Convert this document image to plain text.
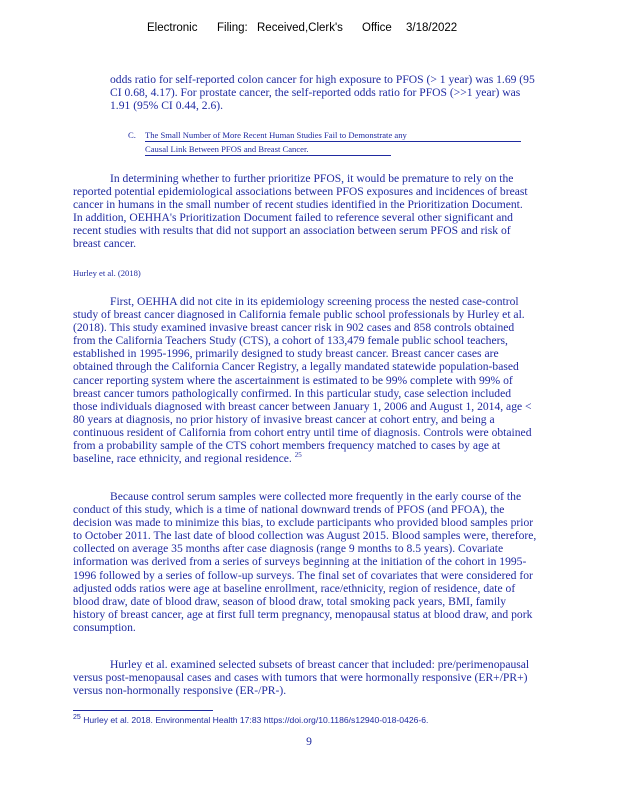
Electronic Filing: Received,Clerk's Office 3/18/2022

odds ratio for self-reported colon cancer for high exposure to PFOS (> 1 year) was 1.69 (95 CI 0.68, 4.17). For prostate cancer, the self-reported odds ratio for PFOS (>>1 year) was 1.91 (95% CI 0.44, 2.6).

C. The Small Number of More Recent Human Studies Fail to Demonstrate any
Causal Link Between PFOS and Breast Cancer.

In determining whether to further prioritize PFOS, it would be premature to rely on the reported potential epidemiological associations between PFOS exposures and incidences of breast cancer in humans in the small number of recent studies identified in the Prioritization Document. In addition, OEHHA's Prioritization Document failed to reference several other significant and recent studies with results that did not support an association between serum PFOS and risk of breast cancer.

Hurley et al. (2018)

First, OEHHA did not cite in its epidemiology screening process the nested case-control study of breast cancer diagnosed in California female public school professionals by Hurley et al. (2018). This study examined invasive breast cancer risk in 902 cases and 858 controls obtained from the California Teachers Study (CTS), a cohort of 133,479 female public school teachers, established in 1995-1996, primarily designed to study breast cancer. Breast cancer cases are obtained through the California Cancer Registry, a legally mandated statewide population-based cancer reporting system where the ascertainment is estimated to be 99% complete with 99% of breast cancer tumors pathologically confirmed. In this particular study, case selection included those individuals diagnosed with breast cancer between January 1, 2006 and August 1, 2014, age < 80 years at diagnosis, no prior history of invasive breast cancer at cohort entry, and being a continuous resident of California from cohort entry until time of diagnosis. Controls were obtained from a probability sample of the CTS cohort members frequency matched to cases by age at baseline, race ethnicity, and regional residence. $^{25}$

Because control serum samples were collected more frequently in the early course of the conduct of this study, which is a time of national downward trends of PFOS (and PFOA), the decision was made to minimize this bias, to exclude participants who provided blood samples prior to October 2011. The last date of blood collection was August 2015. Blood samples were, therefore, collected on average 35 months after case diagnosis (range 9 months to 8.5 years). Covariate information was derived from a series of surveys beginning at the initiation of the cohort in 1995-1996 followed by a series of follow-up surveys. The final set of covariates that were considered for adjusted odds ratios were age at baseline enrollment, race/ethnicity, region of residence, date of blood draw, date of blood draw, season of blood draw, total smoking pack years, BMI, family history of breast cancer, age at first full term pregnancy, menopausal status at blood draw, and pork consumption.

Hurley et al. examined selected subsets of breast cancer that included: pre/perimenopausal versus post-menopausal cases and cases with tumors that were hormonally responsive (ER+/PR+) versus non-hormonally responsive (ER-/PR-).

$^{25}$ Hurley et al. 2018. Environmental Health 17:83 https://doi.org/10.1186/s12940-018-0426-6.
9
